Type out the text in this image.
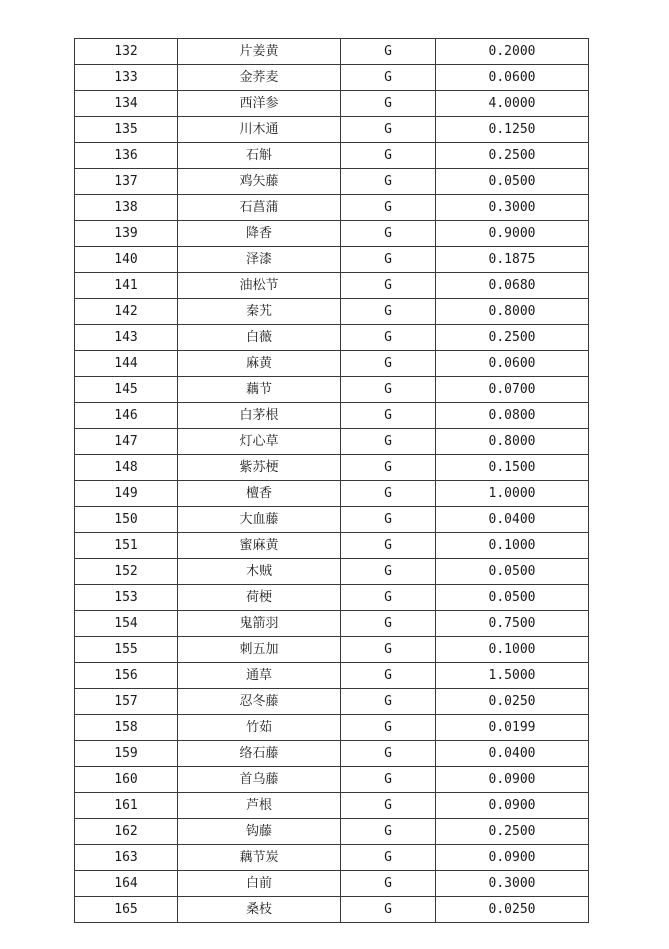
132	片姜黄	G	0.2000
133	金荞麦	G	0.0600
134	西洋参	G	4.0000
135	川木通	G	0.1250
136	石斛	G	0.2500
137	鸡矢藤	G	0.0500
138	石菖蒲	G	0.3000
139	降香	G	0.9000
140	泽漆	G	0.1875
141	油松节	G	0.0680
142	秦艽	G	0.8000
143	白薇	G	0.2500
144	麻黄	G	0.0600
145	藕节	G	0.0700
146	白茅根	G	0.0800
147	灯心草	G	0.8000
148	紫苏梗	G	0.1500
149	檀香	G	1.0000
150	大血藤	G	0.0400
151	蜜麻黄	G	0.1000
152	木贼	G	0.0500
153	荷梗	G	0.0500
154	鬼箭羽	G	0.7500
155	刺五加	G	0.1000
156	通草	G	1.5000
157	忍冬藤	G	0.0250
158	竹茹	G	0.0199
159	络石藤	G	0.0400
160	首乌藤	G	0.0900
161	芦根	G	0.0900
162	钩藤	G	0.2500
163	藕节炭	G	0.0900
164	白前	G	0.3000
165	桑枝	G	0.0250
